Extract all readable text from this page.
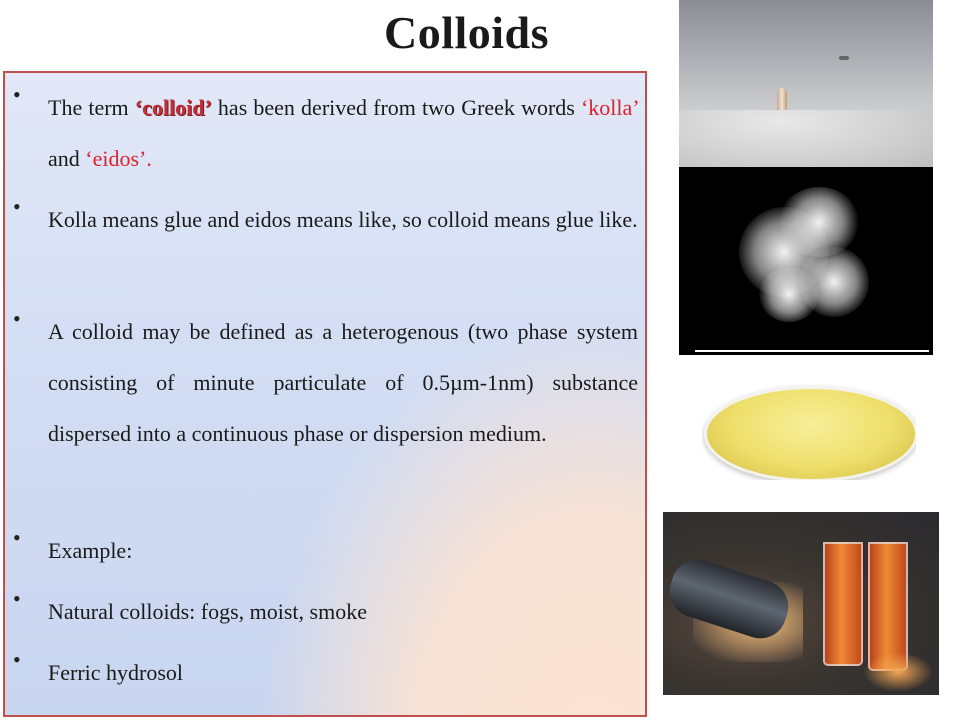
Colloids
•

The term ‘colloid’ has been derived from two Greek words ‘kolla’ and ‘eidos’.

•

Kolla means glue and eidos means like, so colloid means glue like.

•

A colloid may be defined as a heterogenous (two phase system consisting of minute particulate of 0.5µm-1nm) substance dispersed into a continuous phase or dispersion medium.

•

Example:

•

Natural colloids: fogs, moist, smoke

•

Ferric hydrosol
